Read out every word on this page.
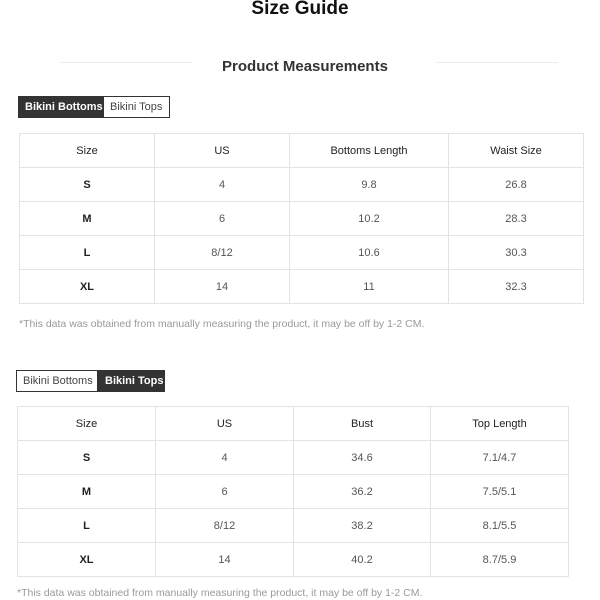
Size Guide
Product Measurements
Bikini Bottoms Bikini Tops
Size	US	Bottoms Length	Waist Size
S	4	9.8	26.8
M	6	10.2	28.3
L	8/12	10.6	30.3
XL	14	11	32.3
*This data was obtained from manually measuring the product, it may be off by 1-2 CM.
Bikini Bottoms	Bikini Tops
Size	US	Bust	Top Length
S	4	34.6	7.1/4.7
M	6	36.2	7.5/5.1
L	8/12	38.2	8.1/5.5
XL	14	40.2	8.7/5.9
*This data was obtained from manually measuring the product, it may be off by 1-2 CM.
